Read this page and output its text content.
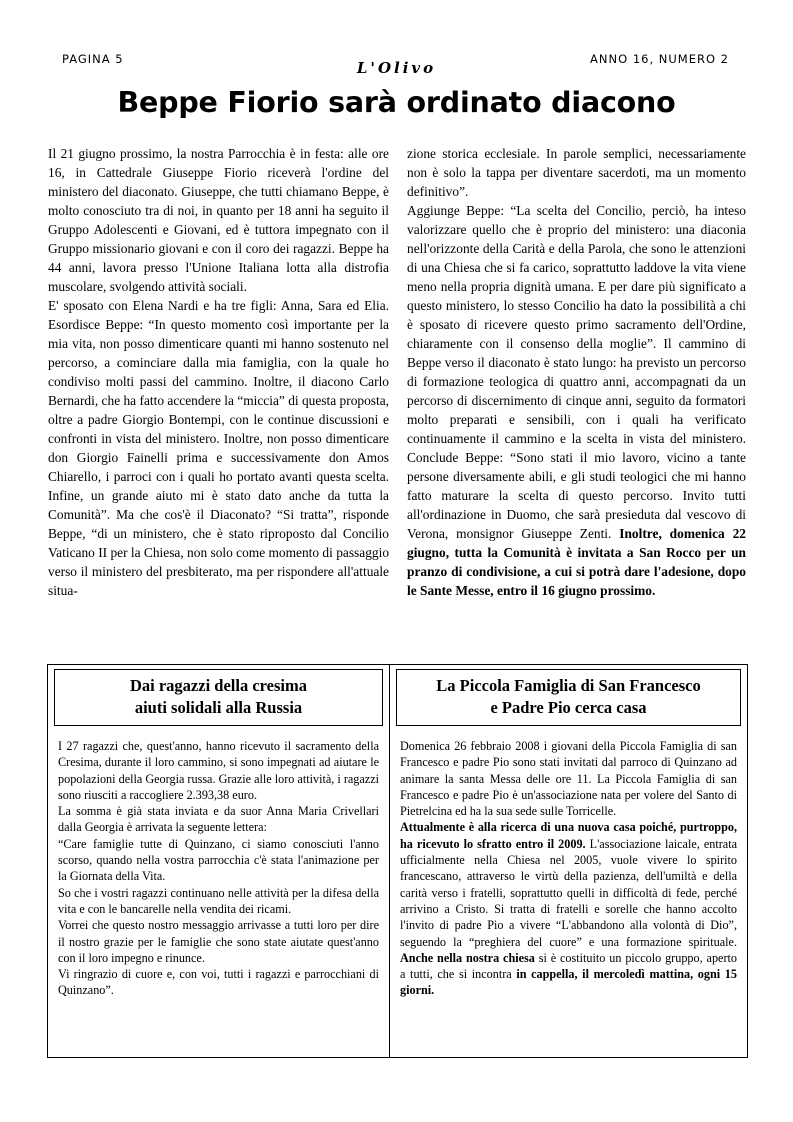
PAGINA 5	L'Olivo	ANNO 16, NUMERO 2
Beppe Fiorio sarà ordinato diacono

Il 21 giugno prossimo, la nostra Parrocchia è in festa: alle ore 16, in Cattedrale Giuseppe Fiorio riceverà l'ordine del ministero del diaconato. Giuseppe, che tutti chiamano Beppe, è molto conosciuto tra di noi, in quanto per 18 anni ha seguito il Gruppo Adolescenti e Giovani, ed è tuttora impegnato con il Gruppo missionario giovani e con il coro dei ragazzi. Beppe ha 44 anni, lavora presso l'Unione Italiana lotta alla distrofia muscolare, svolgendo attività sociali.

E' sposato con Elena Nardi e ha tre figli: Anna, Sara ed Elia. Esordisce Beppe: “In questo momento così importante per la mia vita, non posso dimenticare quanti mi hanno sostenuto nel percorso, a cominciare dalla mia famiglia, con la quale ho condiviso molti passi del cammino. Inoltre, il diacono Carlo Bernardi, che ha fatto accendere la “miccia” di questa proposta, oltre a padre Giorgio Bontempi, con le continue discussioni e confronti in vista del ministero. Inoltre, non posso dimenticare don Giorgio Fainelli prima e successivamente don Amos Chiarello, i parroci con i quali ho portato avanti questa scelta. Infine, un grande aiuto mi è stato dato anche da tutta la Comunità”. Ma che cos'è il Diaconato? “Si tratta”, risponde Beppe, “di un ministero, che è stato riproposto dal Concilio Vaticano II per la Chiesa, non solo come momento di passaggio verso il ministero del presbiterato, ma per rispondere all'attuale situa-

zione storica ecclesiale. In parole semplici, necessariamente non è solo la tappa per diventare sacerdoti, ma un momento definitivo”.

Aggiunge Beppe: “La scelta del Concilio, perciò, ha inteso valorizzare quello che è proprio del ministero: una diaconia nell'orizzonte della Carità e della Parola, che sono le attenzioni di una Chiesa che si fa carico, soprattutto laddove la vita viene meno nella propria dignità umana. E per dare più significato a questo ministero, lo stesso Concilio ha dato la possibilità a chi è sposato di ricevere questo primo sacramento dell'Ordine, chiaramente con il consenso della moglie”. Il cammino di Beppe verso il diaconato è stato lungo: ha previsto un percorso di formazione teologica di quattro anni, accompagnati da un percorso di discernimento di cinque anni, seguito da formatori molto preparati e sensibili, con i quali ha verificato continuamente il cammino e la scelta in vista del ministero. Conclude Beppe: “Sono stati il mio lavoro, vicino a tante persone diversamente abili, e gli studi teologici che mi hanno fatto maturare la scelta di questo percorso. Invito tutti all'ordinazione in Duomo, che sarà presieduta dal vescovo di Verona, monsignor Giuseppe Zenti. Inoltre, domenica 22 giugno, tutta la Comunità è invitata a San Rocco per un pranzo di condivisione, a cui si potrà dare l'adesione, dopo le Sante Messe, entro il 16 giugno prossimo.

Dai ragazzi della cresima
aiuti solidali alla Russia

I 27 ragazzi che, quest'anno, hanno ricevuto il sacramento della Cresima, durante il loro cammino, si sono impegnati ad aiutare le popolazioni della Georgia russa. Grazie alle loro attività, i ragazzi sono riusciti a raccogliere 2.393,38 euro.

La somma è già stata inviata e da suor Anna Maria Crivellari dalla Georgia è arrivata la seguente lettera:

“Care famiglie tutte di Quinzano, ci siamo conosciuti l'anno scorso, quando nella vostra parrocchia c'è stata l'animazione per la Giornata della Vita.

So che i vostri ragazzi continuano nelle attività per la difesa della vita e con le bancarelle nella vendita dei ricami.

Vorrei che questo nostro messaggio arrivasse a tutti loro per dire il nostro grazie per le famiglie che sono state aiutate quest'anno con il loro impegno e rinunce.

Vi ringrazio di cuore e, con voi, tutti i ragazzi e parrocchiani di Quinzano”.

La Piccola Famiglia di San Francesco
e Padre Pio cerca casa

Domenica 26 febbraio 2008 i giovani della Piccola Famiglia di san Francesco e padre Pio sono stati invitati dal parroco di Quinzano ad animare la santa Messa delle ore 11. La Piccola Famiglia di san Francesco e padre Pio è un'associazione nata per volere del Santo di Pietrelcina ed ha la sua sede sulle Torricelle.

Attualmente è alla ricerca di una nuova casa poiché, purtroppo, ha ricevuto lo sfratto entro il 2009. L'associazione laicale, entrata ufficialmente nella Chiesa nel 2005, vuole vivere lo spirito francescano, attraverso le virtù della pazienza, dell'umiltà e della carità verso i fratelli, soprattutto quelli in difficoltà di fede, perché arrivino a Cristo. Si tratta di fratelli e sorelle che hanno accolto l'invito di padre Pio a vivere “L'abbandono alla volontà di Dio”, seguendo la “preghiera del cuore” e una formazione spirituale. Anche nella nostra chiesa si è costituito un piccolo gruppo, aperto a tutti, che si incontra in cappella, il mercoledì mattina, ogni 15 giorni.
